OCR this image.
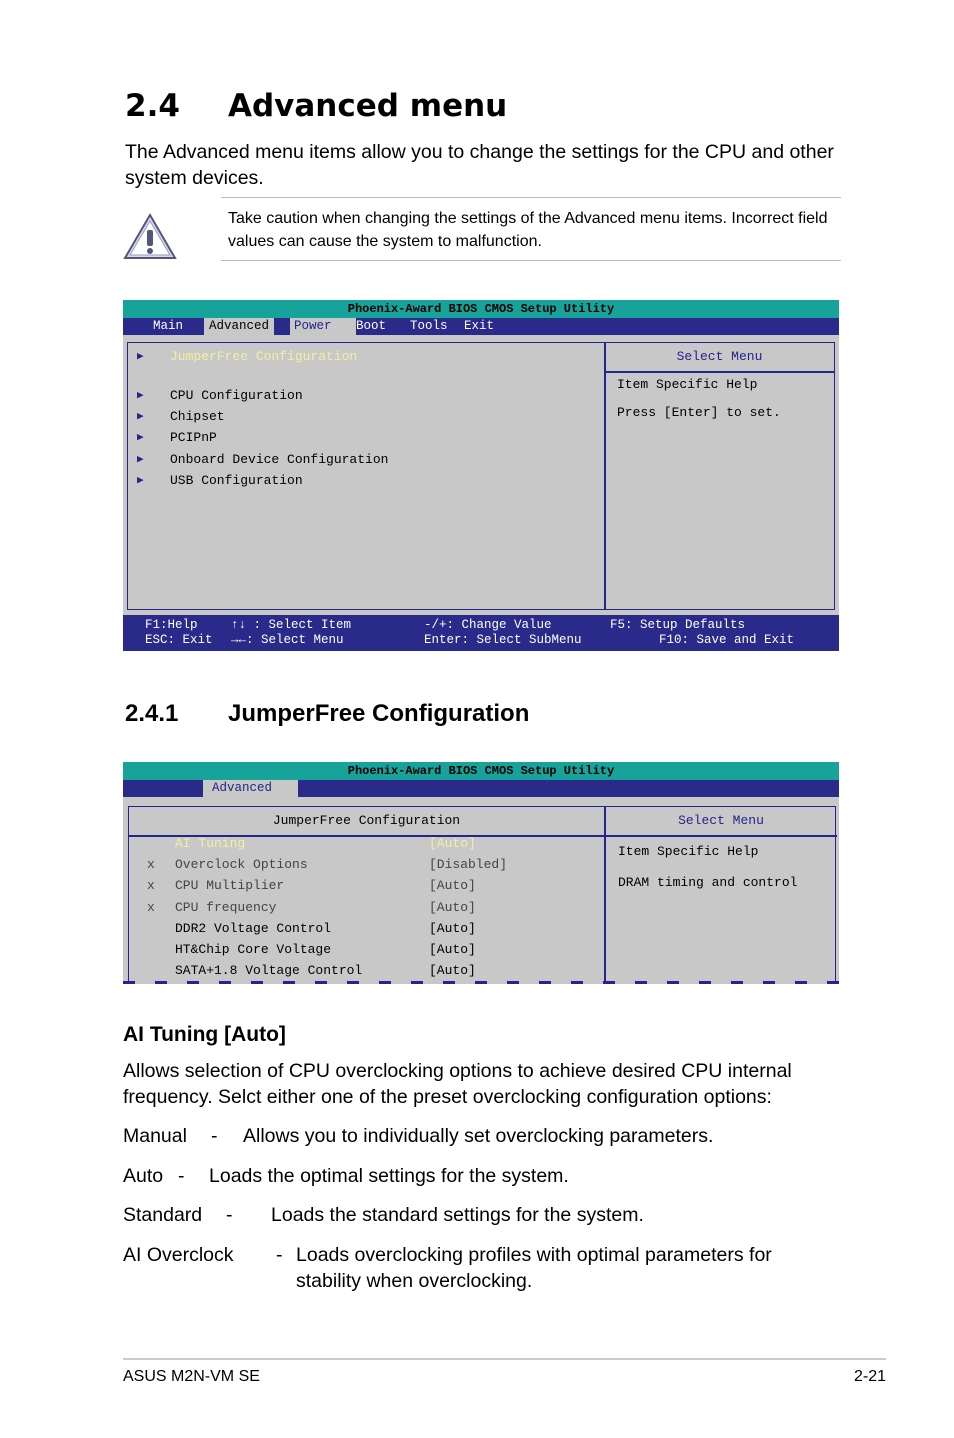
2.4 Advanced menu
The Advanced menu items allow you to change the settings for the CPU and other system devices.
Take caution when changing the settings of the Advanced menu items. Incorrect field values can cause the system to malfunction.
Phoenix-Award BIOS CMOS Setup Utility
Main	Advanced	Power	Boot Tools Exit
▶ JumperFree Configuration
▶ CPU Configuration
▶ Chipset
▶ PCIPnP
▶ Onboard Device Configuration
▶ USB Configuration
Select Menu
Item Specific Help
Press [Enter] to set.
F1:Help	↑↓ : Select Item	-/+: Change Value	F5: Setup Defaults
ESC: Exit →←: Select Menu	Enter: Select SubMenu	F10: Save and Exit
2.4.1 JumperFree Configuration
Phoenix-Award BIOS CMOS Setup Utility
Advanced
JumperFree Configuration	Select Menu
AI Tuning	[Auto]
x Overclock Options	[Disabled]
x CPU Multiplier	[Auto]
x CPU frequency	[Auto]
DDR2 Voltage Control	[Auto]
HT&Chip Core Voltage	[Auto]
SATA+1.8 Voltage Control	[Auto]
Item Specific Help
DRAM timing and control
AI Tuning [Auto]
Allows selection of CPU overclocking options to achieve desired CPU internal frequency. Selct either one of the preset overclocking configuration options:
Manual - Allows you to individually set overclocking parameters.
Auto - Loads the optimal settings for the system.
Standard - Loads the standard settings for the system.
AI Overclock - Loads overclocking profiles with optimal parameters for
stability when overclocking.
ASUS M2N-VM SE	2-21
